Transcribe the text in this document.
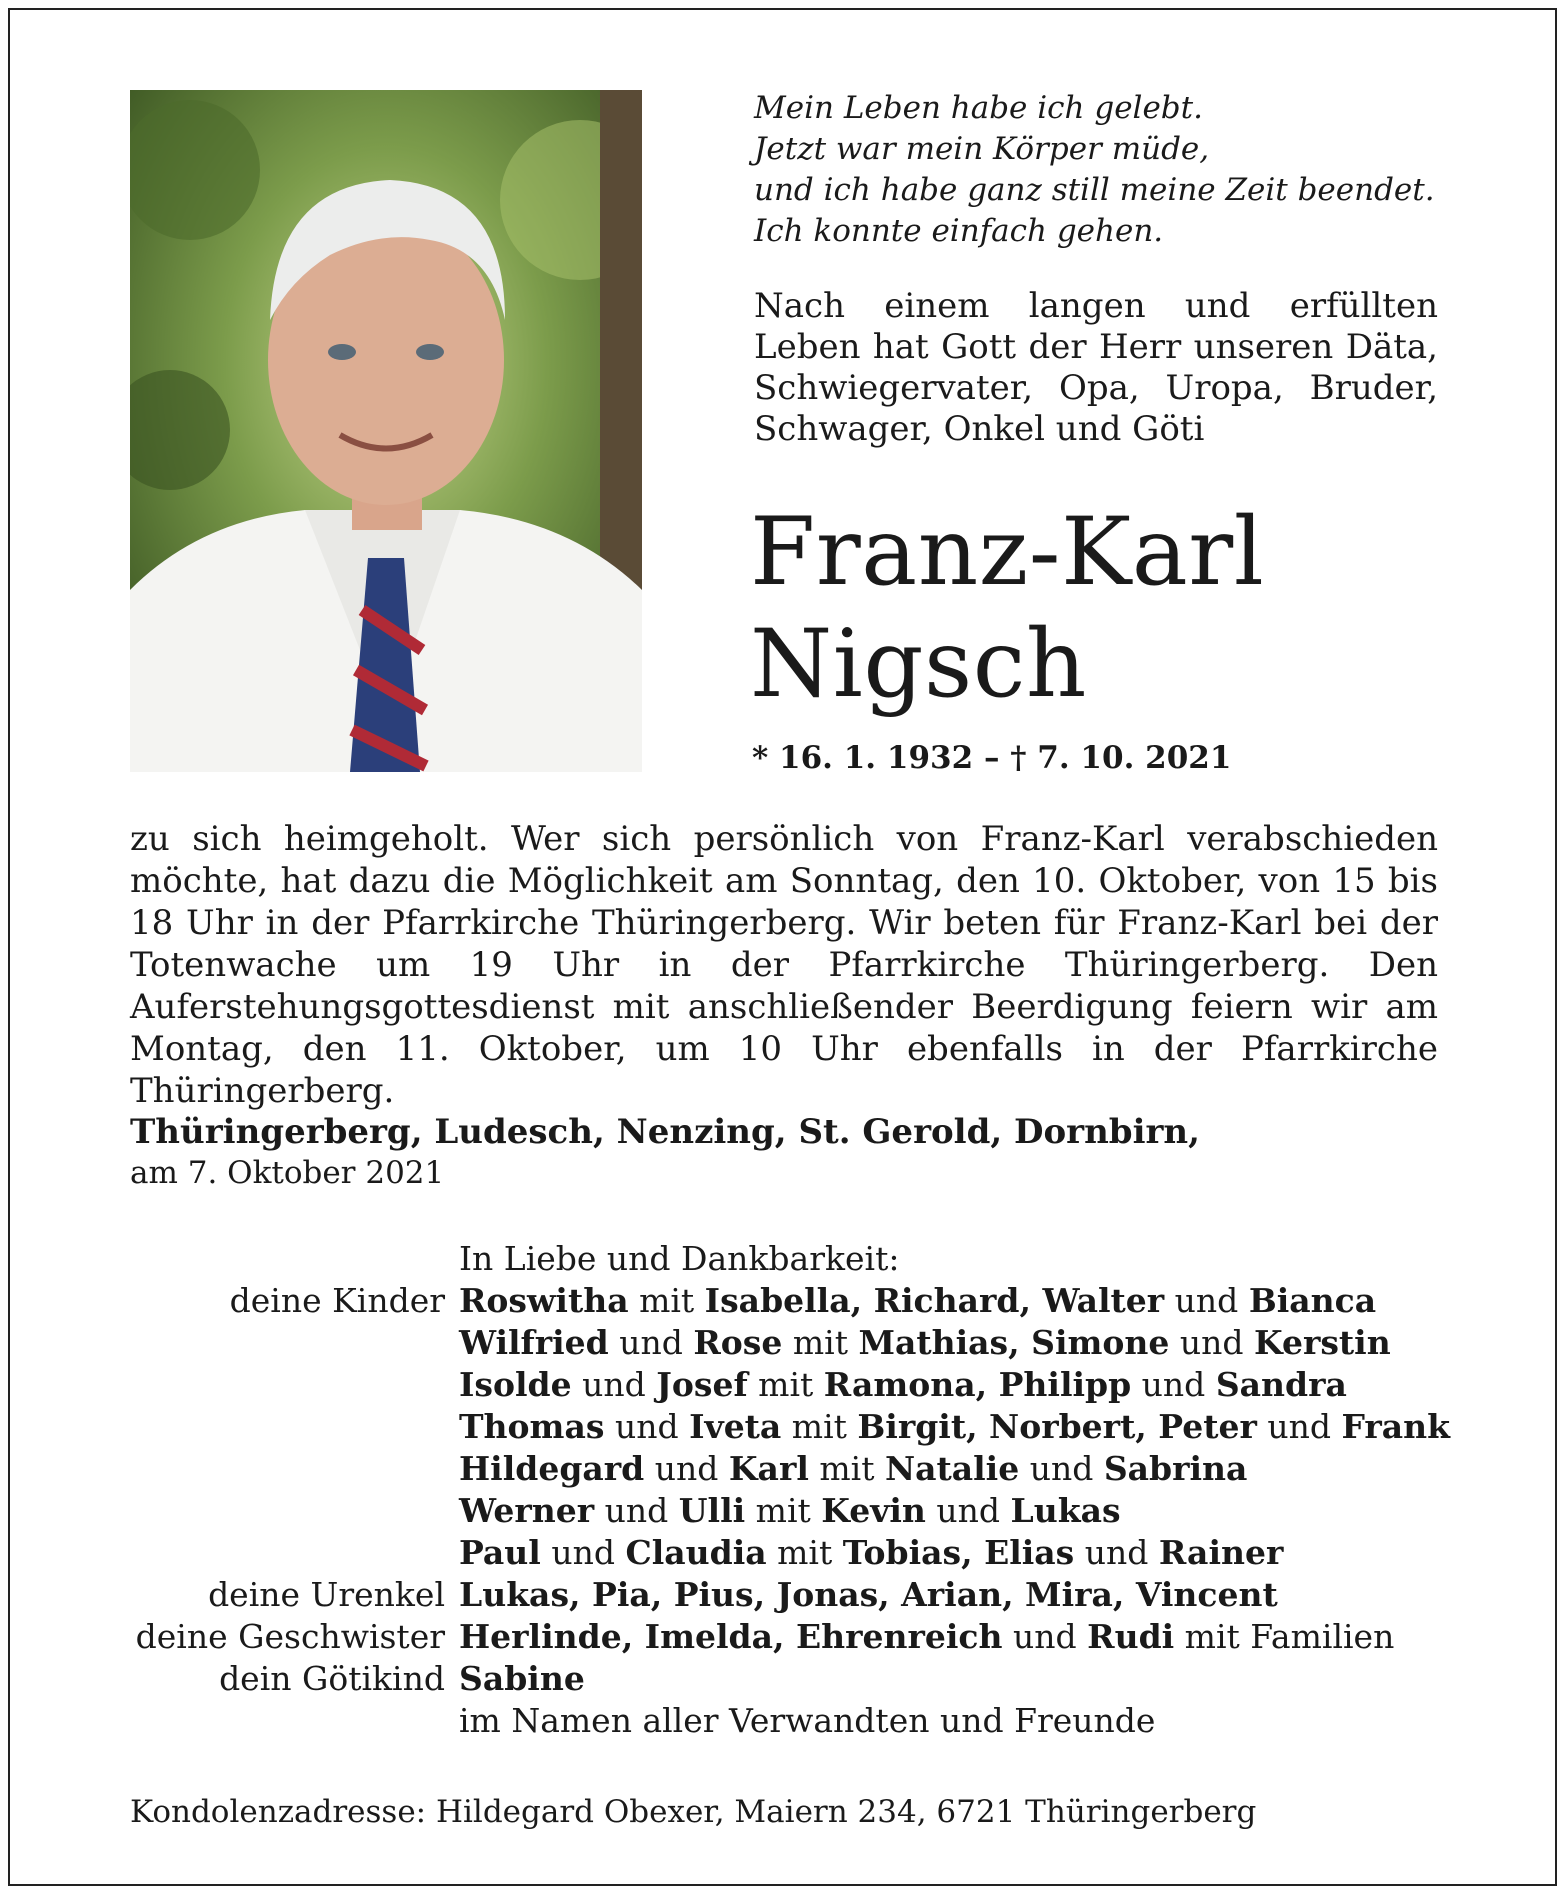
Mein Leben habe ich gelebt.
Jetzt war mein Körper müde,
und ich habe ganz still meine Zeit beendet.
Ich konnte einfach gehen.
Nach einem langen und erfüllten Leben hat Gott der Herr unseren Däta, Schwiegervater, Opa, Uropa, Bruder, Schwager, Onkel und Göti
Franz-Karl
Nigsch
* 16. 1. 1932 – † 7. 10. 2021
zu sich heimgeholt. Wer sich persönlich von Franz-Karl verabschieden möchte, hat dazu die Möglichkeit am Sonntag, den 10. Oktober, von 15 bis 18 Uhr in der Pfarrkirche Thüringerberg. Wir beten für Franz-Karl bei der Totenwache um 19 Uhr in der Pfarrkirche Thüringerberg. Den Auferstehungsgottesdienst mit anschließender Beerdigung feiern wir am Montag, den 11. Oktober, um 10 Uhr ebenfalls in der Pfarrkirche Thüringerberg.
Thüringerberg, Ludesch, Nenzing, St. Gerold, Dornbirn,
am 7. Oktober 2021
In Liebe und Dankbarkeit:
deine Kinder Roswitha mit Isabella, Richard, Walter und Bianca
Wilfried und Rose mit Mathias, Simone und Kerstin
Isolde und Josef mit Ramona, Philipp und Sandra
Thomas und Iveta mit Birgit, Norbert, Peter und Frank
Hildegard und Karl mit Natalie und Sabrina
Werner und Ulli mit Kevin und Lukas
Paul und Claudia mit Tobias, Elias und Rainer
deine Urenkel Lukas, Pia, Pius, Jonas, Arian, Mira, Vincent
deine Geschwister Herlinde, Imelda, Ehrenreich und Rudi mit Familien
dein Götikind Sabine
im Namen aller Verwandten und Freunde
Kondolenzadresse: Hildegard Obexer, Maiern 234, 6721 Thüringerberg
